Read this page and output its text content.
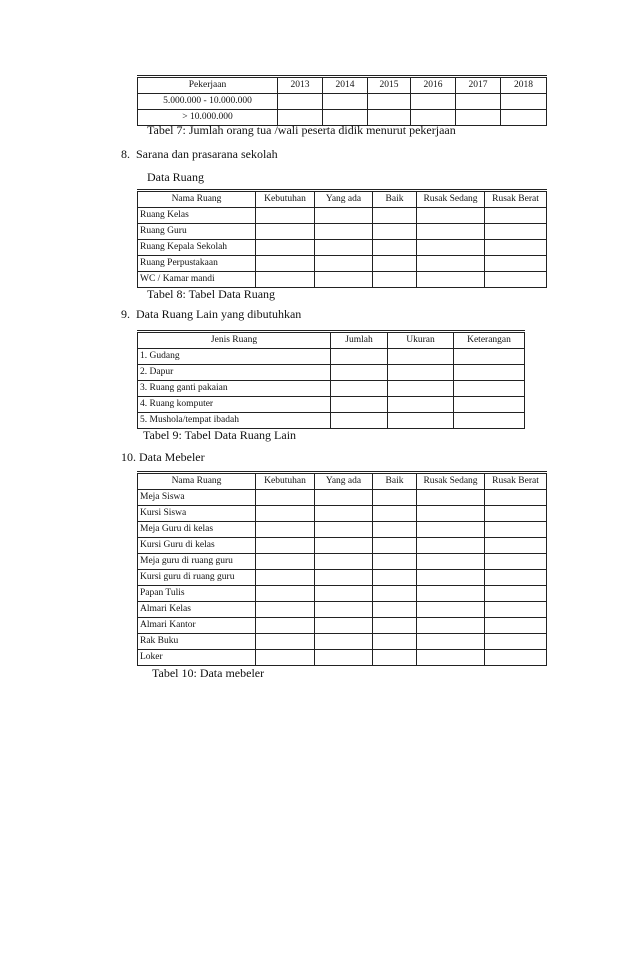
Pekerjaan	2013	2014	2015	2016	2017	2018
5.000.000 - 10.000.000						
> 10.000.000						
Tabel 7: Jumlah orang tua /wali peserta didik menurut pekerjaan
8.  Sarana dan prasarana sekolah
Data Ruang
Nama Ruang	Kebutuhan	Yang ada	Baik	Rusak Sedang	Rusak Berat
Ruang Kelas					
Ruang Guru					
Ruang Kepala Sekolah					
Ruang Perpustakaan					
WC / Kamar mandi					
Tabel 8: Tabel Data Ruang
9.  Data Ruang Lain yang dibutuhkan
Jenis Ruang	Jumlah	Ukuran	Keterangan
1. Gudang			
2. Dapur			
3. Ruang ganti pakaian			
4. Ruang komputer			
5. Mushola/tempat ibadah			
Tabel 9: Tabel Data Ruang Lain
10. Data Mebeler
Nama Ruang	Kebutuhan	Yang ada	Baik	Rusak Sedang	Rusak Berat
Meja Siswa					
Kursi Siswa					
Meja Guru di kelas					
Kursi Guru di kelas					
Meja guru di ruang guru					
Kursi guru di ruang guru					
Papan Tulis					
Almari Kelas					
Almari Kantor					
Rak Buku					
Loker					
Tabel 10: Data mebeler
